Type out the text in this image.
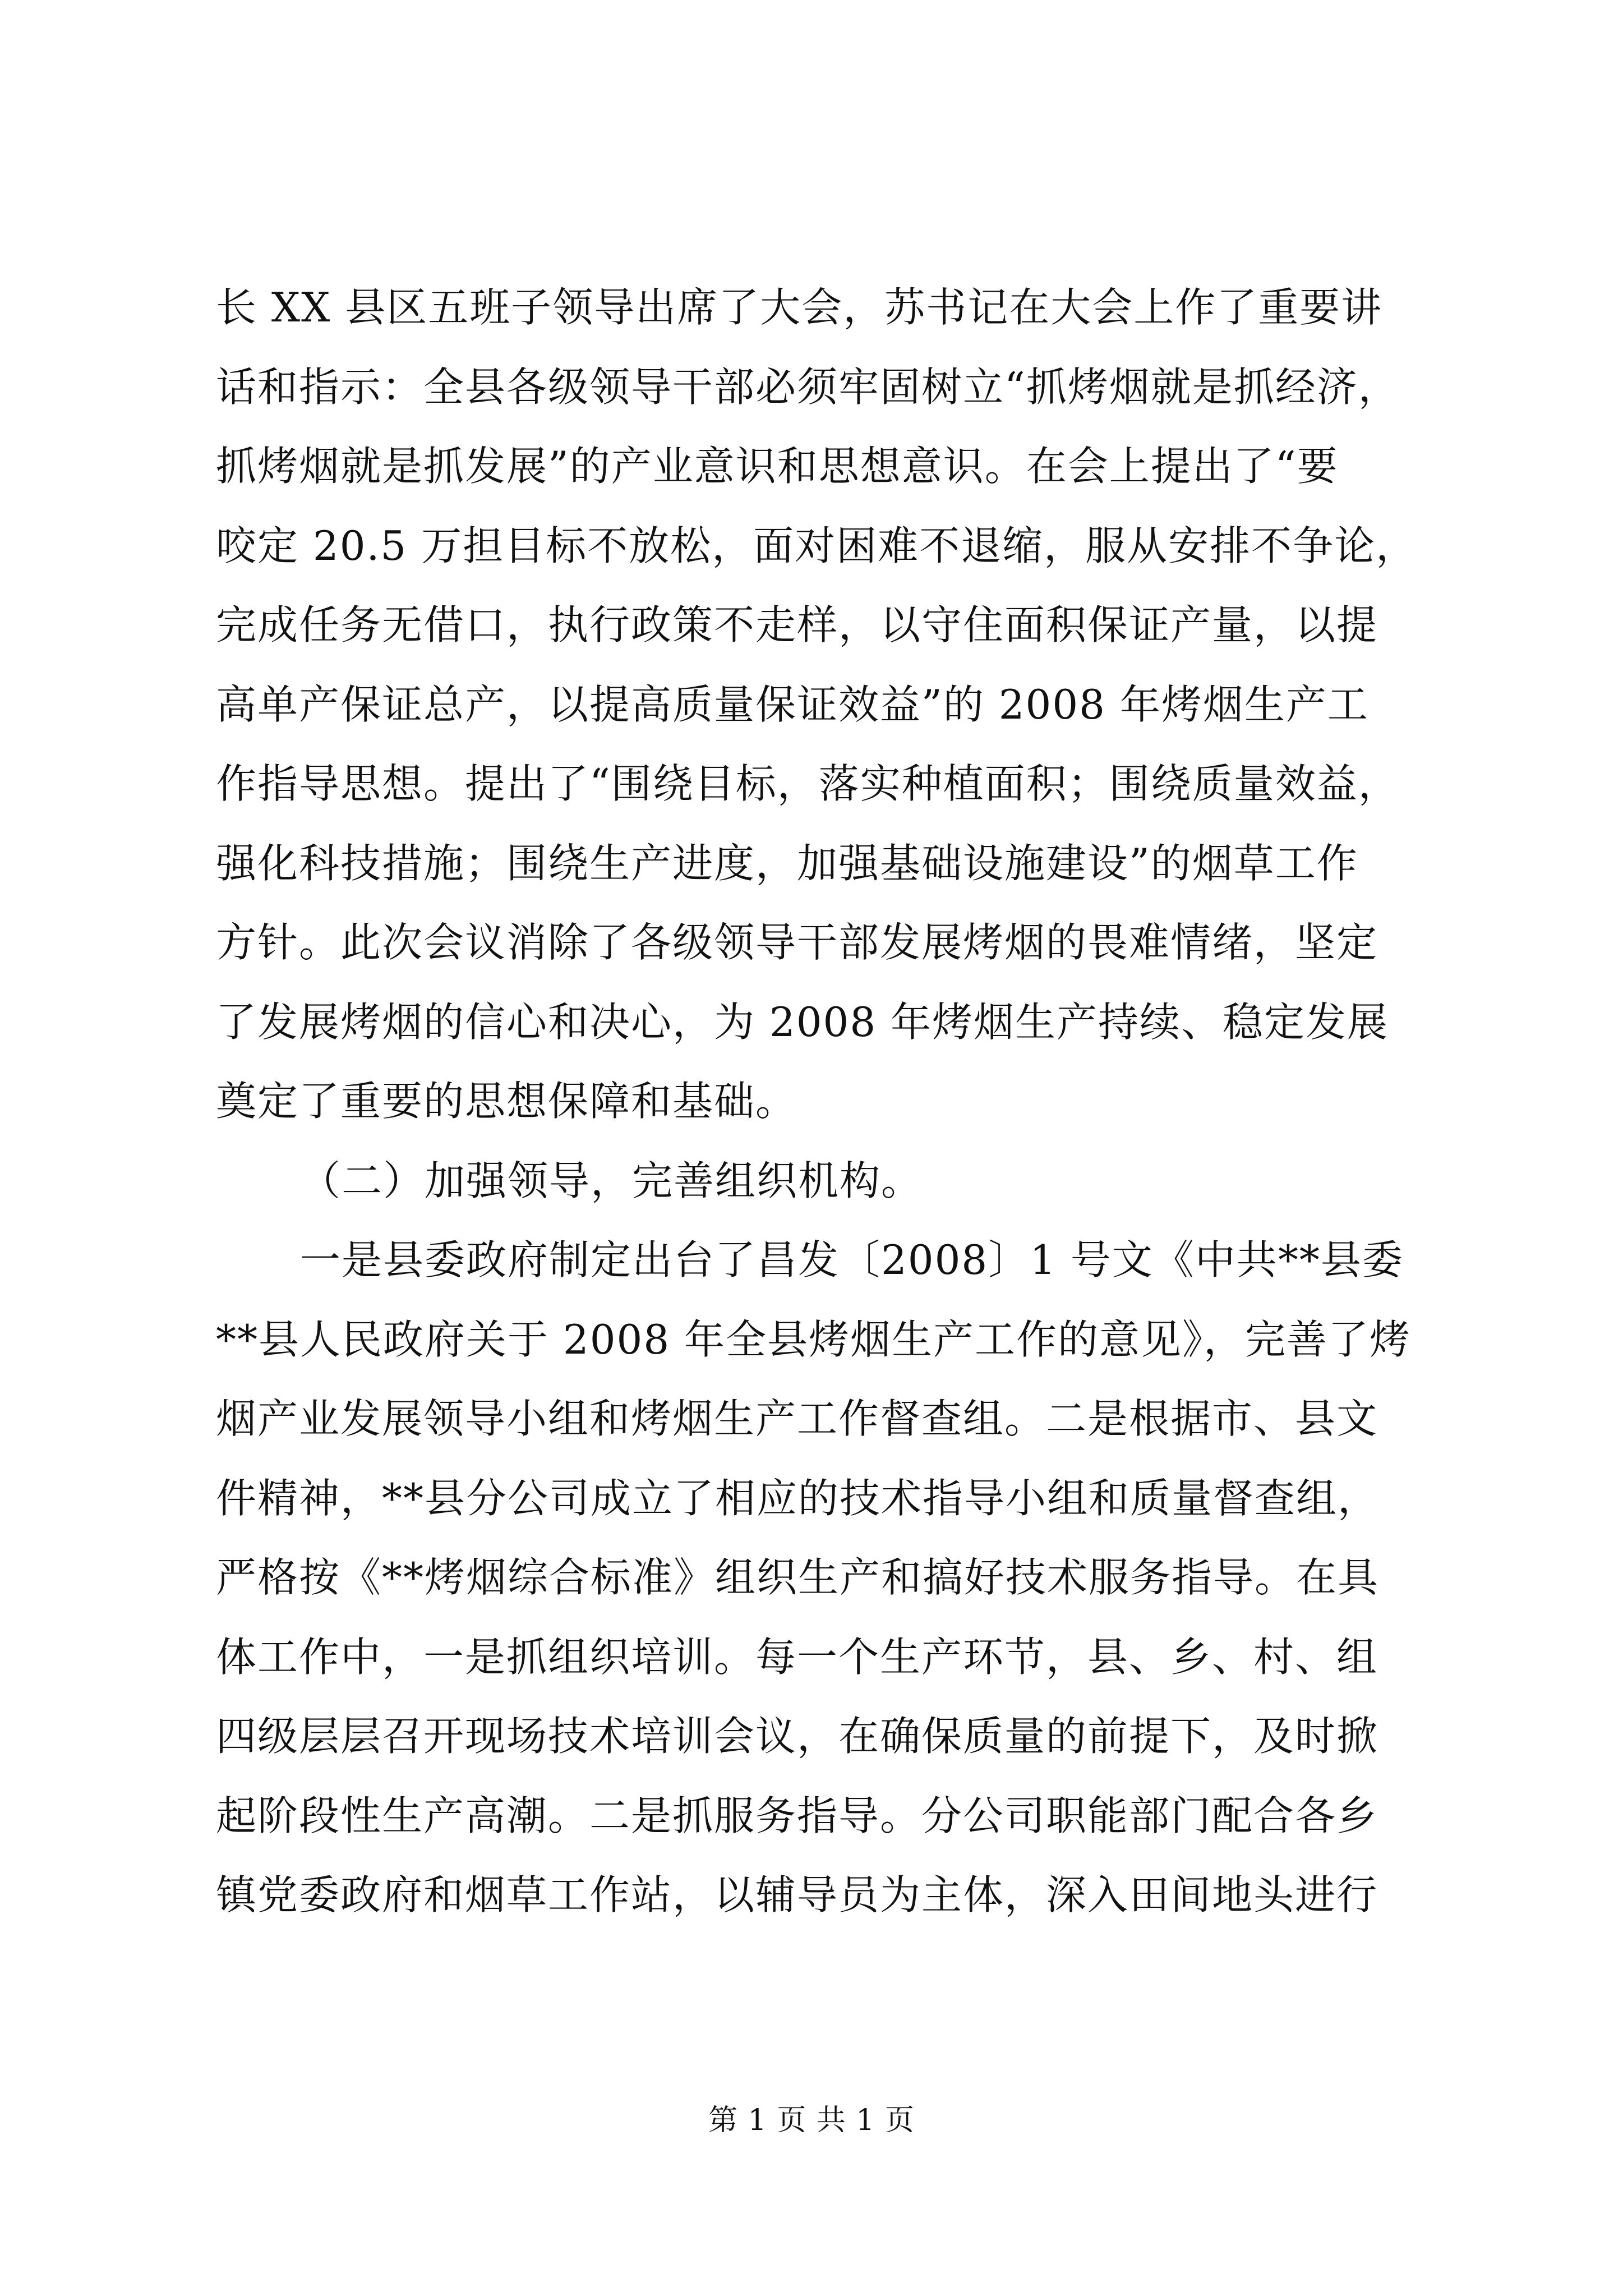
长 XX 县区五班子领导出席了大会，苏书记在大会上作了重要讲
话和指示：全县各级领导干部必须牢固树立“抓烤烟就是抓经济，
抓烤烟就是抓发展”的产业意识和思想意识。在会上提出了“要
咬定 20.5 万担目标不放松，面对困难不退缩，服从安排不争论，
完成任务无借口，执行政策不走样，以守住面积保证产量，以提
高单产保证总产，以提高质量保证效益”的 2008 年烤烟生产工
作指导思想。提出了“围绕目标，落实种植面积；围绕质量效益，
强化科技措施；围绕生产进度，加强基础设施建设”的烟草工作
方针。此次会议消除了各级领导干部发展烤烟的畏难情绪，坚定
了发展烤烟的信心和决心，为 2008 年烤烟生产持续、稳定发展
奠定了重要的思想保障和基础。
（二）加强领导，完善组织机构。
一是县委政府制定出台了昌发〔2008〕1 号文《中共**县委
**县人民政府关于 2008 年全县烤烟生产工作的意见》，完善了烤
烟产业发展领导小组和烤烟生产工作督查组。二是根据市、县文
件精神，**县分公司成立了相应的技术指导小组和质量督查组，
严格按《**烤烟综合标准》组织生产和搞好技术服务指导。在具
体工作中，一是抓组织培训。每一个生产环节，县、乡、村、组
四级层层召开现场技术培训会议，在确保质量的前提下，及时掀
起阶段性生产高潮。二是抓服务指导。分公司职能部门配合各乡
镇党委政府和烟草工作站，以辅导员为主体，深入田间地头进行
第 1 页 共 1 页
